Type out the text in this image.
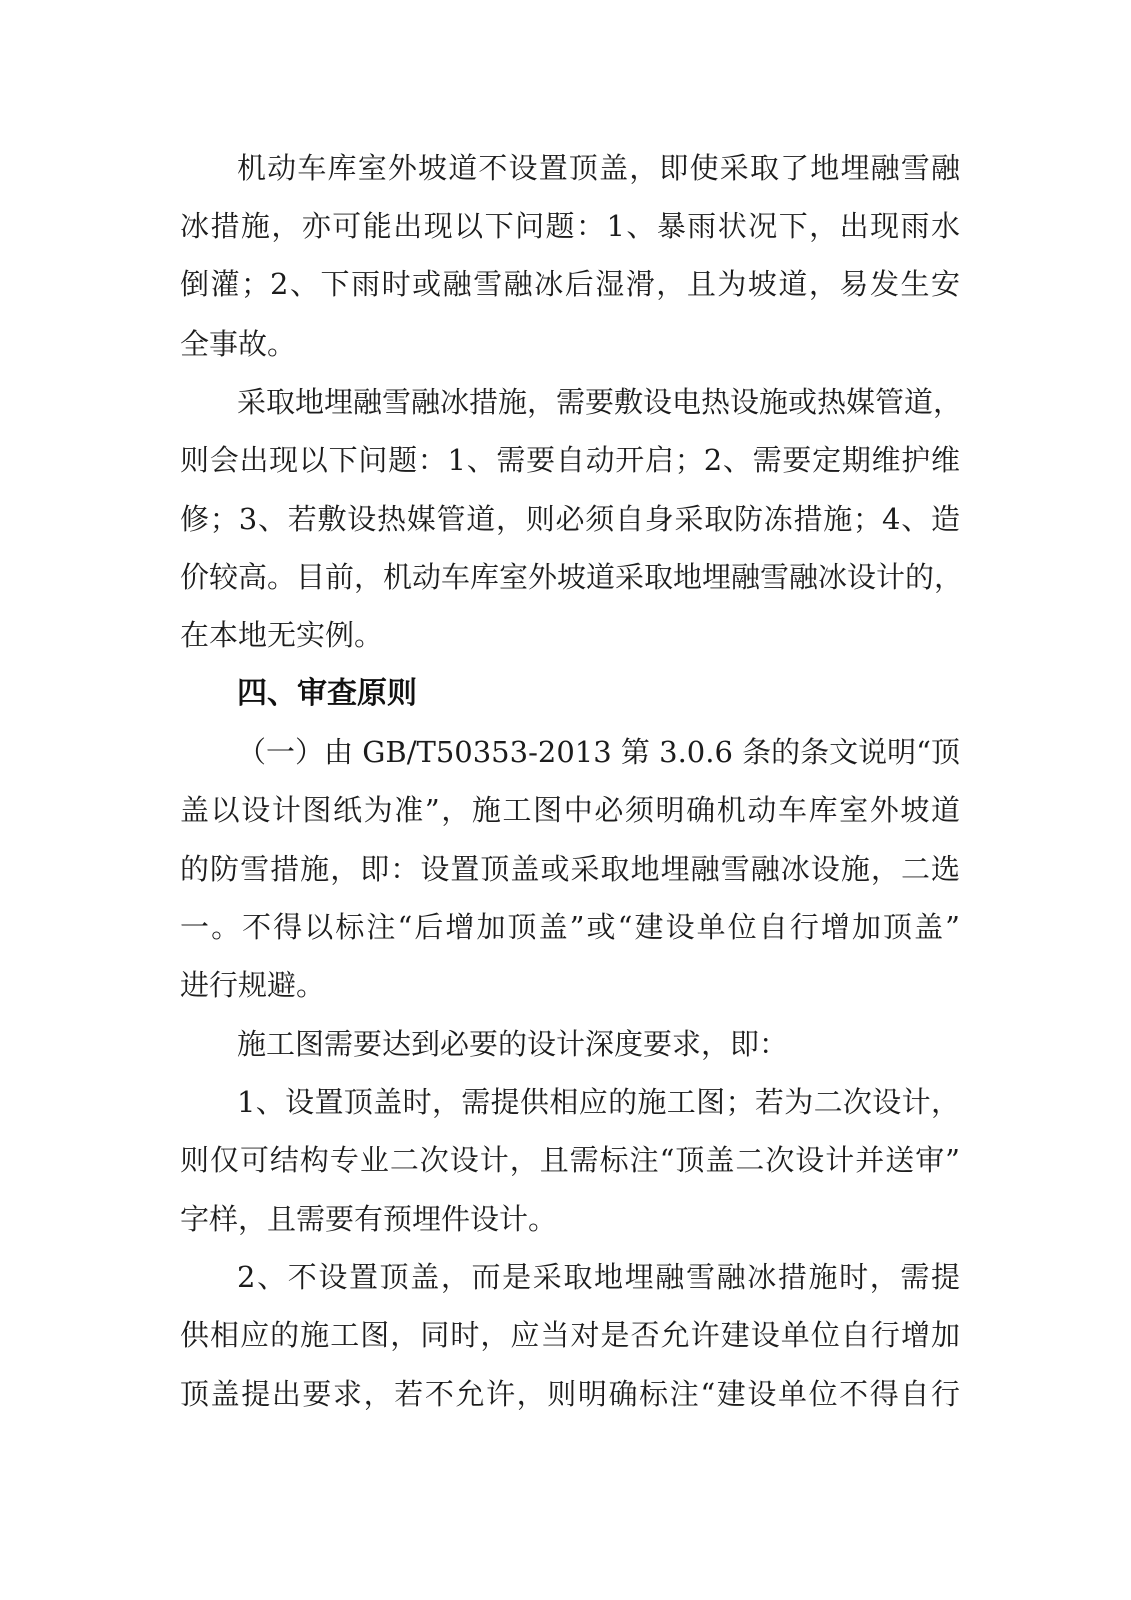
机动车库室外坡道不设置顶盖，即使采取了地埋融雪融
冰措施，亦可能出现以下问题：1、暴雨状况下，出现雨水
倒灌；2、下雨时或融雪融冰后湿滑，且为坡道，易发生安
全事故。
采取地埋融雪融冰措施，需要敷设电热设施或热媒管道，
则会出现以下问题：1、需要自动开启；2、需要定期维护维
修；3、若敷设热媒管道，则必须自身采取防冻措施；4、造
价较高。目前，机动车库室外坡道采取地埋融雪融冰设计的，
在本地无实例。
四、审查原则
（一）由 GB/T50353-2013 第 3.0.6 条的条文说明“顶
盖以设计图纸为准”，施工图中必须明确机动车库室外坡道
的防雪措施，即：设置顶盖或采取地埋融雪融冰设施，二选
一。不得以标注“后增加顶盖”或“建设单位自行增加顶盖”
进行规避。
施工图需要达到必要的设计深度要求，即：
1、设置顶盖时，需提供相应的施工图；若为二次设计，
则仅可结构专业二次设计，且需标注“顶盖二次设计并送审”
字样，且需要有预埋件设计。
2、不设置顶盖，而是采取地埋融雪融冰措施时，需提
供相应的施工图，同时，应当对是否允许建设单位自行增加
顶盖提出要求，若不允许，则明确标注“建设单位不得自行
